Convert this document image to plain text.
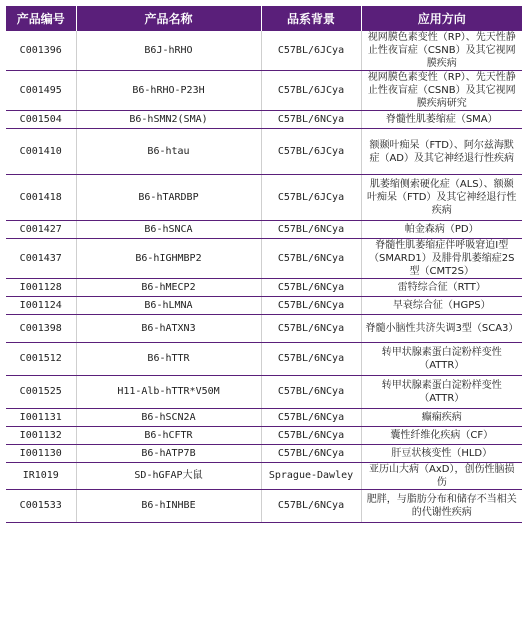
产品编号	产品名称	品系背景	应用方向
C001396	B6J-hRHO	C57BL/6JCya	视网膜色素变性（RP）、先天性静止性夜盲症（CSNB）及其它视网膜疾病
C001495	B6-hRHO-P23H	C57BL/6JCya	视网膜色素变性（RP）、先天性静止性夜盲症（CSNB）及其它视网膜疾病研究
C001504	B6-hSMN2(SMA)	C57BL/6NCya	脊髓性肌萎缩症（SMA）
C001410	B6-htau	C57BL/6JCya	额颞叶痴呆（FTD）、阿尔兹海默症（AD）及其它神经退行性疾病
C001418	B6-hTARDBP	C57BL/6JCya	肌萎缩侧索硬化症（ALS）、额颞叶痴呆（FTD）及其它神经退行性疾病
C001427	B6-hSNCA	C57BL/6NCya	帕金森病（PD）
C001437	B6-hIGHMBP2	C57BL/6NCya	脊髓性肌萎缩症伴呼吸窘迫I型（SMARD1）及腓骨肌萎缩症2S型（CMT2S）
I001128	B6-hMECP2	C57BL/6NCya	雷特综合征（RTT）
I001124	B6-hLMNA	C57BL/6NCya	早衰综合征（HGPS）
C001398	B6-hATXN3	C57BL/6NCya	脊髓小脑性共济失调3型（SCA3）
C001512	B6-hTTR	C57BL/6NCya	转甲状腺素蛋白淀粉样变性（ATTR）
C001525	H11-Alb-hTTR*V50M	C57BL/6NCya	转甲状腺素蛋白淀粉样变性（ATTR）
I001131	B6-hSCN2A	C57BL/6NCya	癫痫疾病
I001132	B6-hCFTR	C57BL/6NCya	囊性纤维化疾病（CF）
I001130	B6-hATP7B	C57BL/6NCya	肝豆状核变性（HLD）
IR1019	SD-hGFAP大鼠	Sprague-Dawley	亚历山大病（AxD），创伤性脑损伤
C001533	B6-hINHBE	C57BL/6NCya	肥胖，与脂肪分布和储存不当相关的代谢性疾病
